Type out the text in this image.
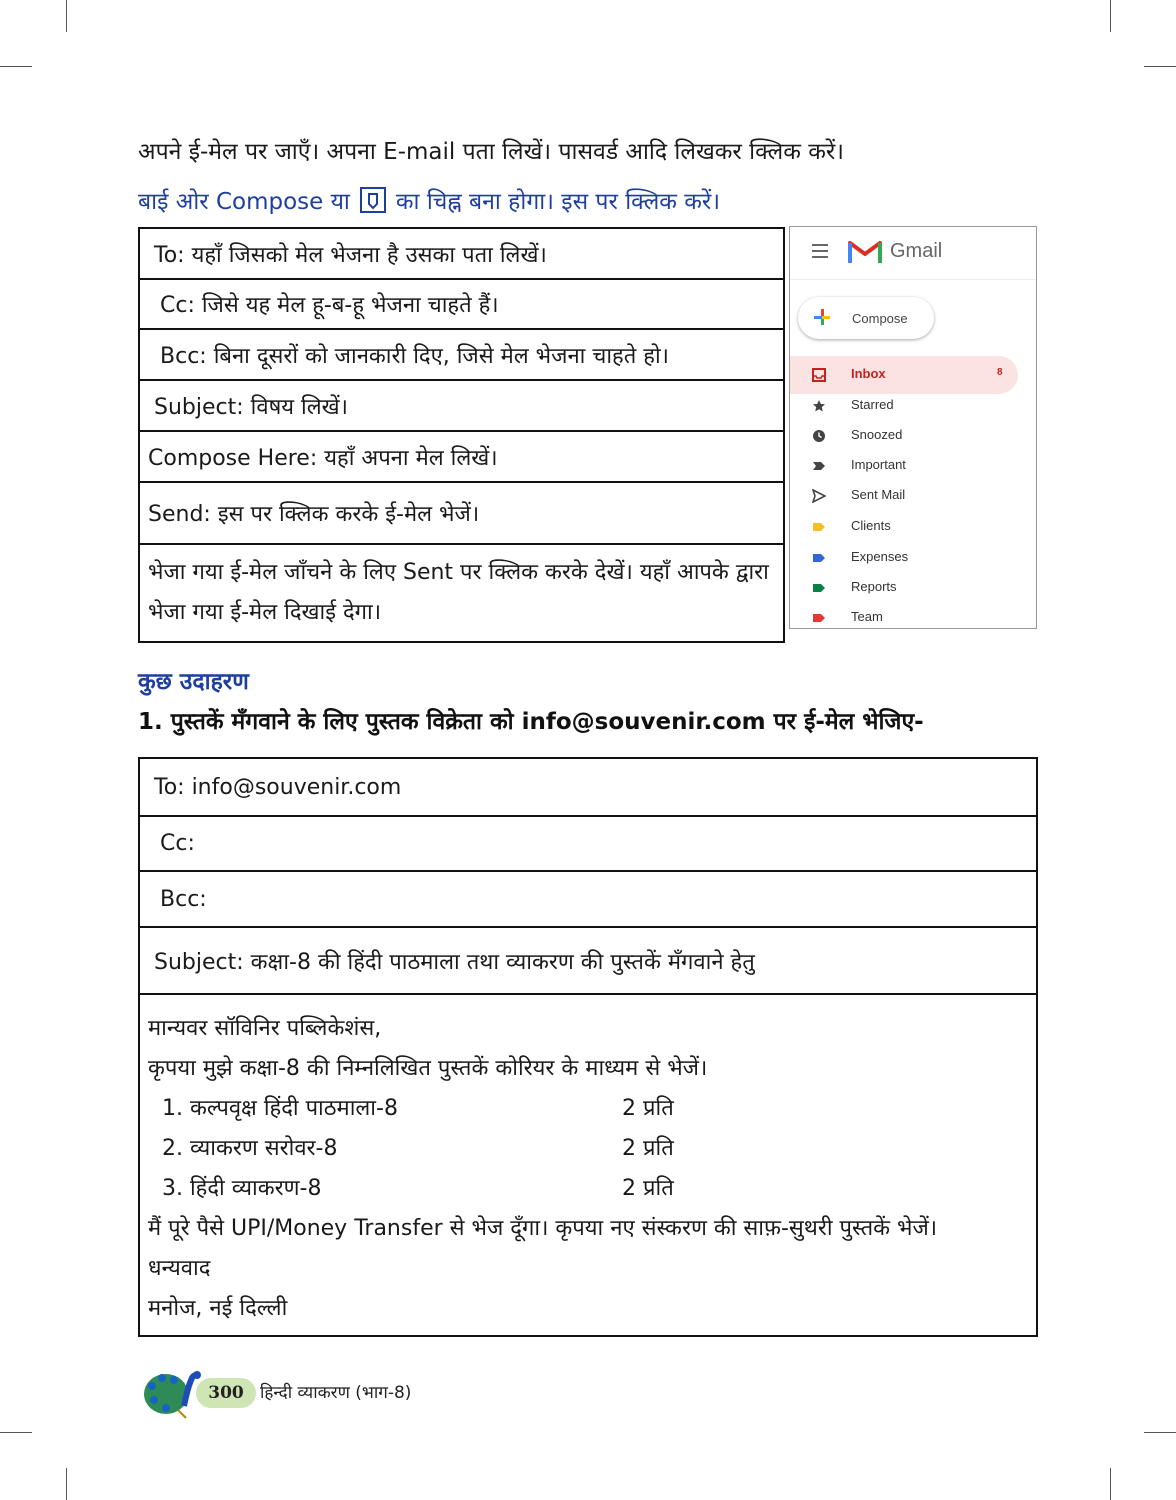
अपने ई-मेल पर जाएँ। अपना E-mail पता लिखें। पासवर्ड आदि लिखकर क्लिक करें।
बाई ओर Compose या का चिह्न बना होगा। इस पर क्लिक करें।
To: यहाँ जिसको मेल भेजना है उसका पता लिखें।
Cc: जिसे यह मेल हू-ब-हू भेजना चाहते हैं।
Bcc: बिना दूसरों को जानकारी दिए, जिसे मेल भेजना चाहते हो।
Subject: विषय लिखें।
Compose Here: यहाँ अपना मेल लिखें।
Send: इस पर क्लिक करके ई-मेल भेजें।
भेजा गया ई-मेल जाँचने के लिए Sent पर क्लिक करके देखें। यहाँ आपके द्वारा भेजा गया ई-मेल दिखाई देगा।
Gmail
Compose
Inbox	8
Starred
Snoozed
Important
Sent Mail
Clients
Expenses
Reports
Team
कुछ उदाहरण
1. पुस्तकें मँगवाने के लिए पुस्तक विक्रेता को info@souvenir.com पर ई-मेल भेजिए-
To: info@souvenir.com
Cc:
Bcc:
Subject: कक्षा-8 की हिंदी पाठमाला तथा व्याकरण की पुस्तकें मँगवाने हेतु
मान्यवर सॉविनिर पब्लिकेशंस,
कृपया मुझे कक्षा-8 की निम्नलिखित पुस्तकें कोरियर के माध्यम से भेजें।
1. कल्पवृक्ष हिंदी पाठमाला-8	2 प्रति
2. व्याकरण सरोवर-8	2 प्रति
3. हिंदी व्याकरण-8	2 प्रति
मैं पूरे पैसे UPI/Money Transfer से भेज दूँगा। कृपया नए संस्करण की साफ़-सुथरी पुस्तकें भेजें।
धन्यवाद
मनोज, नई दिल्ली
300 हिन्दी व्याकरण (भाग-8)
